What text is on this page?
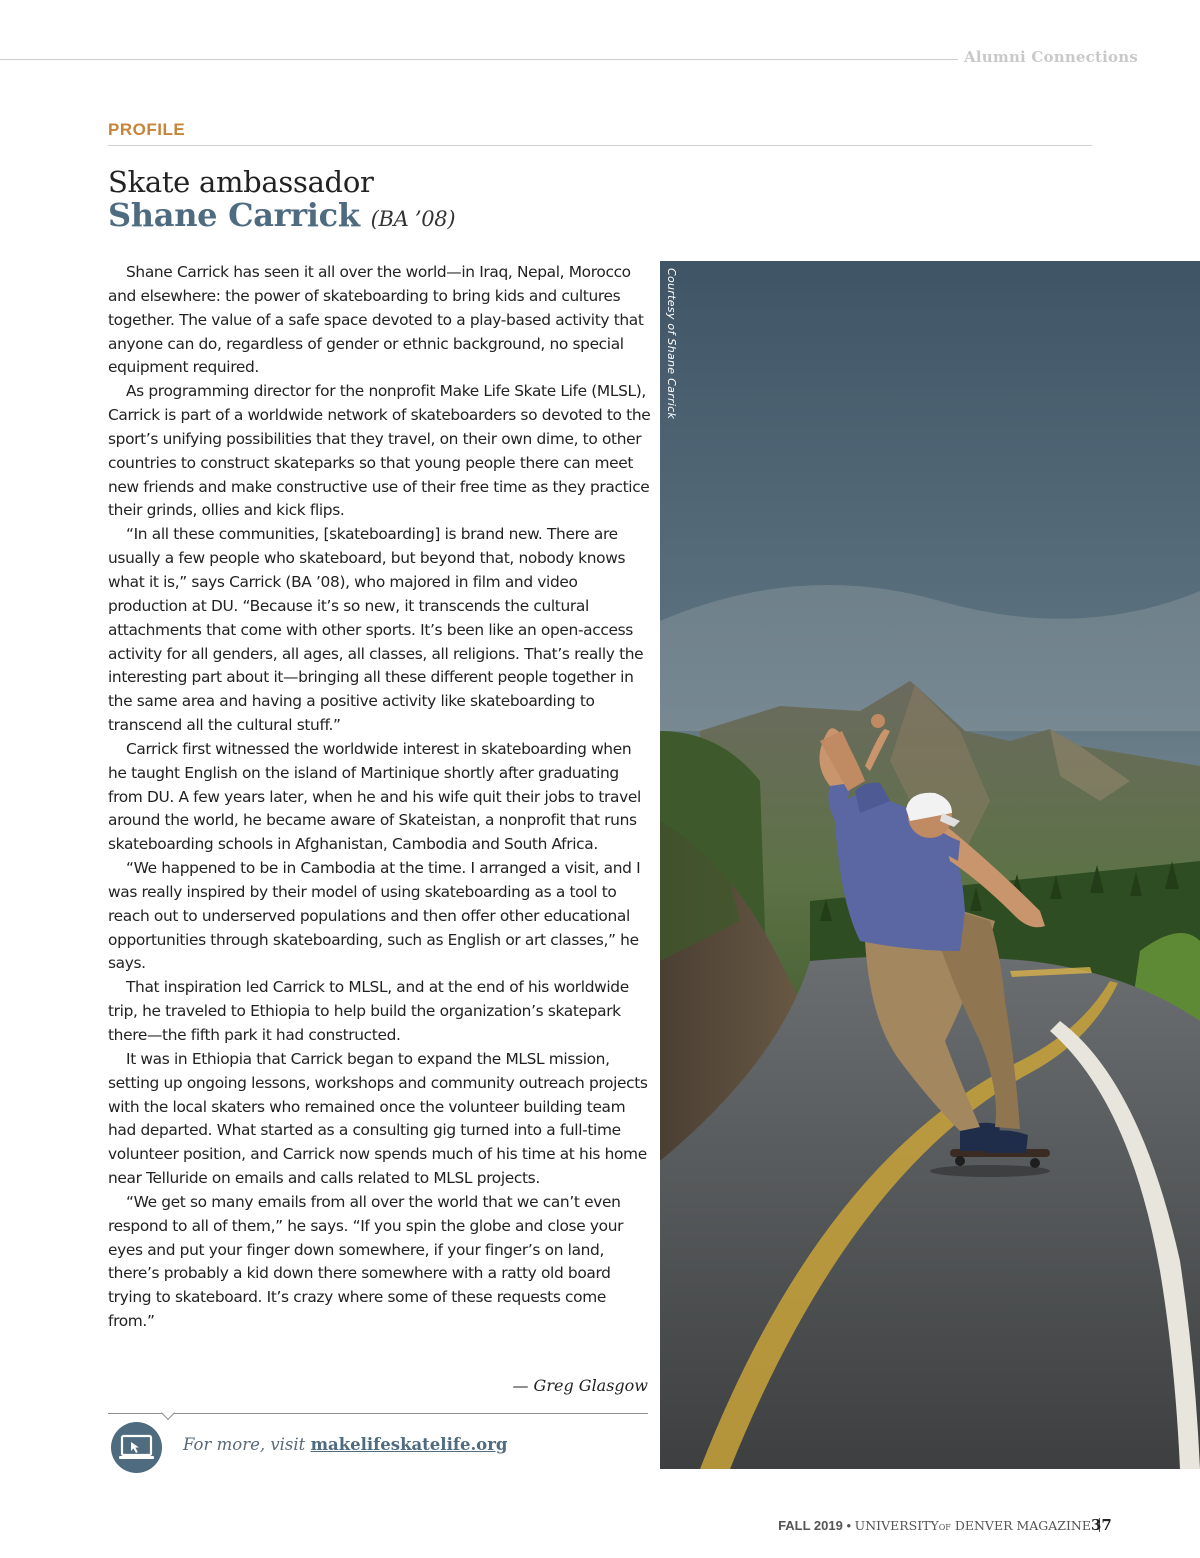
Alumni Connections
PROFILE
Skate ambassador
Shane Carrick (BA ’08)

Shane Carrick has seen it all over the world—in Iraq, Nepal, Morocco and elsewhere: the power of skateboarding to bring kids and cultures together. The value of a safe space devoted to a play-based activity that anyone can do, regardless of gender or ethnic background, no special equipment required.

As programming director for the nonprofit Make Life Skate Life (MLSL), Carrick is part of a worldwide network of skateboarders so devoted to the sport’s unifying possibilities that they travel, on their own dime, to other countries to construct skateparks so that young people there can meet new friends and make constructive use of their free time as they practice their grinds, ollies and kick flips.

“In all these communities, [skateboarding] is brand new. There are usually a few people who skateboard, but beyond that, nobody knows what it is,” says Carrick (BA ’08), who majored in film and video production at DU. “Because it’s so new, it transcends the cultural attachments that come with other sports. It’s been like an open-access activity for all genders, all ages, all classes, all religions. That’s really the interesting part about it—bringing all these different people together in the same area and having a positive activity like skateboarding to transcend all the cultural stuff.”

Carrick first witnessed the worldwide interest in skateboarding when he taught English on the island of Martinique shortly after graduating from DU. A few years later, when he and his wife quit their jobs to travel around the world, he became aware of Skateistan, a nonprofit that runs skateboarding schools in Afghanistan, Cambodia and South Africa.

“We happened to be in Cambodia at the time. I arranged a visit, and I was really inspired by their model of using skateboarding as a tool to reach out to underserved populations and then offer other educational opportunities through skateboarding, such as English or art classes,” he says.

That inspiration led Carrick to MLSL, and at the end of his worldwide trip, he traveled to Ethiopia to help build the organization’s skatepark there—the fifth park it had constructed.

It was in Ethiopia that Carrick began to expand the MLSL mission, setting up ongoing lessons, workshops and community outreach projects with the local skaters who remained once the volunteer building team had departed. What started as a consulting gig turned into a full-time volunteer position, and Carrick now spends much of his time at his home near Telluride on emails and calls related to MLSL projects.

“We get so many emails from all over the world that we can’t even respond to all of them,” he says. “If you spin the globe and close your eyes and put your finger down somewhere, if your finger’s on land, there’s probably a kid down there somewhere with a ratty old board trying to skateboard. It’s crazy where some of these requests come from.”

— Greg Glasgow
For more, visit makelifeskatelife.org
Courtesy of Shane Carrick
FALL 2019 • UNIVERSITYOF DENVER MAGAZINE 37
